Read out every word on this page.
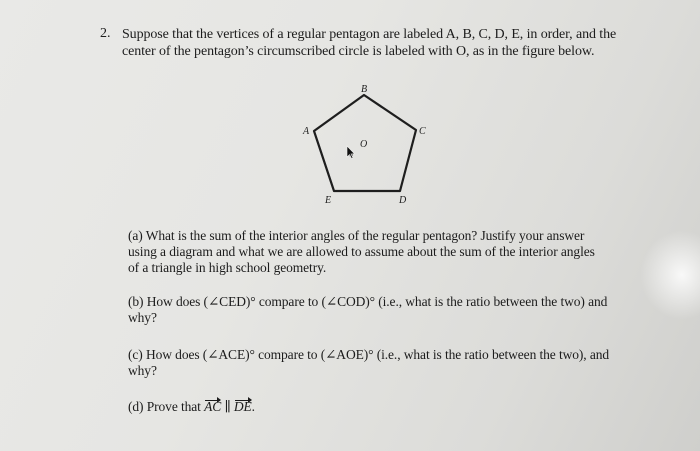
2. Suppose that the vertices of a regular pentagon are labeled A, B, C, D, E, in order, and the

center of the pentagon’s circumscribed circle is labeled with O, as in the figure below.

B
A	C
O
E	D

(a) What is the sum of the interior angles of the regular pentagon? Justify your answer

using a diagram and what we are allowed to assume about the sum of the interior angles

of a triangle in high school geometry.

(b) How does (∠CED)° compare to (∠COD)° (i.e., what is the ratio between the two) and

why?

(c) How does (∠ACE)° compare to (∠AOE)° (i.e., what is the ratio between the two), and

why?

(d) Prove that AC ∥ DE.
